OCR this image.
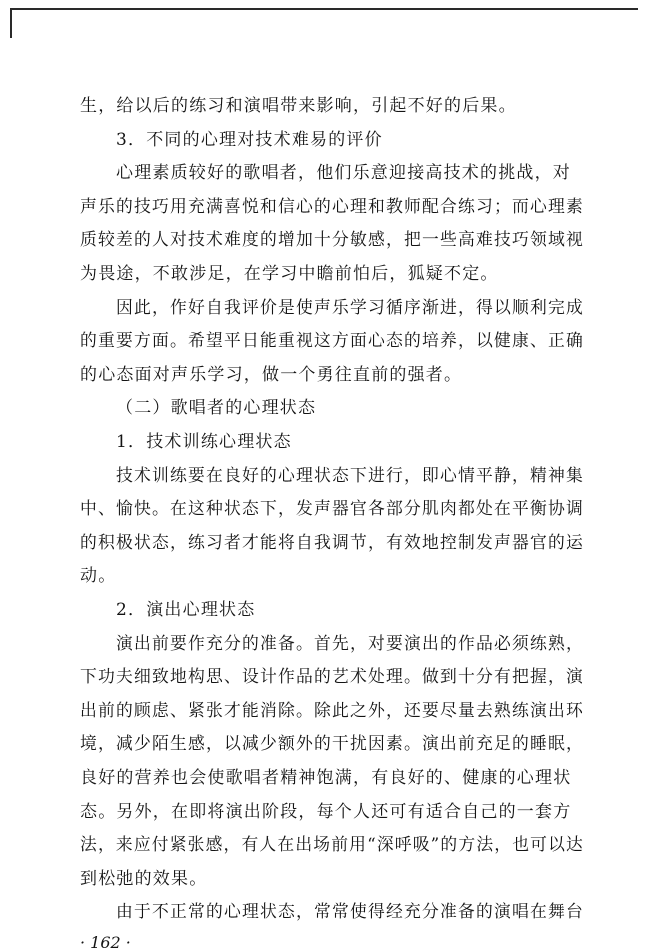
生，给以后的练习和演唱带来影响，引起不好的后果。
3．不同的心理对技术难易的评价
心理素质较好的歌唱者，他们乐意迎接高技术的挑战，对
声乐的技巧用充满喜悦和信心的心理和教师配合练习；而心理素
质较差的人对技术难度的增加十分敏感，把一些高难技巧领域视
为畏途，不敢涉足，在学习中瞻前怕后，狐疑不定。
因此，作好自我评价是使声乐学习循序渐进，得以顺利完成
的重要方面。希望平日能重视这方面心态的培养，以健康、正确
的心态面对声乐学习，做一个勇往直前的强者。
（二）歌唱者的心理状态
1．技术训练心理状态
技术训练要在良好的心理状态下进行，即心情平静，精神集
中、愉快。在这种状态下，发声器官各部分肌肉都处在平衡协调
的积极状态，练习者才能将自我调节，有效地控制发声器官的运
动。
2．演出心理状态
演出前要作充分的准备。首先，对要演出的作品必须练熟，
下功夫细致地构思、设计作品的艺术处理。做到十分有把握，演
出前的顾虑、紧张才能消除。除此之外，还要尽量去熟练演出环
境，减少陌生感，以减少额外的干扰因素。演出前充足的睡眠，
良好的营养也会使歌唱者精神饱满，有良好的、健康的心理状
态。另外，在即将演出阶段，每个人还可有适合自己的一套方
法，来应付紧张感，有人在出场前用“深呼吸”的方法，也可以达
到松弛的效果。
由于不正常的心理状态，常常使得经充分准备的演唱在舞台
· 162 ·
